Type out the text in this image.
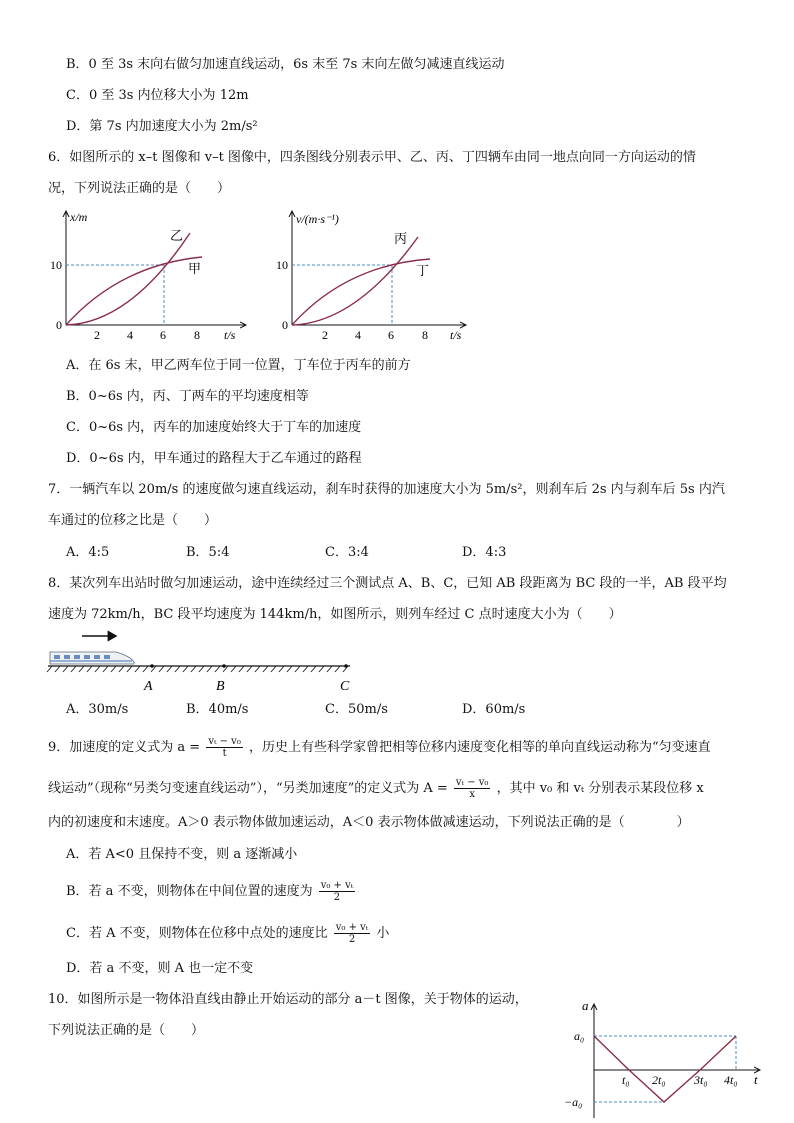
B．0 至 3s 末向右做匀加速直线运动，6s 末至 7s 末向左做匀减速直线运动
C．0 至 3s 内位移大小为 12m
D．第 7s 内加速度大小为 2m/s²
6．如图所示的 x–t 图像和 v–t 图像中，四条图线分别表示甲、乙、丙、丁四辆车由同一地点向同一方向运动的情
况，下列说法正确的是（　　）
x/m
10
0
乙
甲
2 4 6 8 t/s
v/(m·s⁻¹)
10
0
丙
丁
2 4 6 8 t/s
A．在 6s 末，甲乙两车位于同一位置，丁车位于丙车的前方
B．0~6s 内，丙、丁两车的平均速度相等
C．0~6s 内，丙车的加速度始终大于丁车的加速度
D．0~6s 内，甲车通过的路程大于乙车通过的路程
7．一辆汽车以 20m/s 的速度做匀速直线运动，刹车时获得的加速度大小为 5m/s²，则刹车后 2s 内与刹车后 5s 内汽
车通过的位移之比是（　　）
A．4:5	B．5:4	C．3:4	D．4:3
8．某次列车出站时做匀加速运动，途中连续经过三个测试点 A、B、C，已知 AB 段距离为 BC 段的一半，AB 段平均
速度为 72km/h，BC 段平均速度为 144km/h，如图所示，则列车经过 C 点时速度大小为（　　）
A	B	C
A．30m/s	B．40m/s	C．50m/s	D．60m/s
9．加速度的定义式为 $a = \frac{\text{vₜ − v₀}}{t}$ ，历史上有些科学家曾把相等位移内速度变化相等的单向直线运动称为“匀变速直
线运动”（现称“另类匀变速直线运动”），“另类加速度”的定义式为 $A = \frac{\text{vₜ − v₀}}{x}$ ，其中 v₀ 和 vₜ 分别表示某段位移 x
内的初速度和末速度。A＞0 表示物体做加速运动，A＜0 表示物体做减速运动，下列说法正确的是（　　　　）
A．若 A<0 且保持不变，则 a 逐渐减小
B．若 a 不变，则物体在中间位置的速度为 $\frac{\text{v₀ + vₜ}}{2}$
C．若 A 不变，则物体在位移中点处的速度比 $\frac{\text{v₀ + vₜ}}{2}$ 小
D．若 a 不变，则 A 也一定不变
10．如图所示是一物体沿直线由静止开始运动的部分 a－t 图像，关于物体的运动，
下列说法正确的是（　　）
a
a₀
−a₀
t₀ 2t₀ 3t₀ 4t₀ t
